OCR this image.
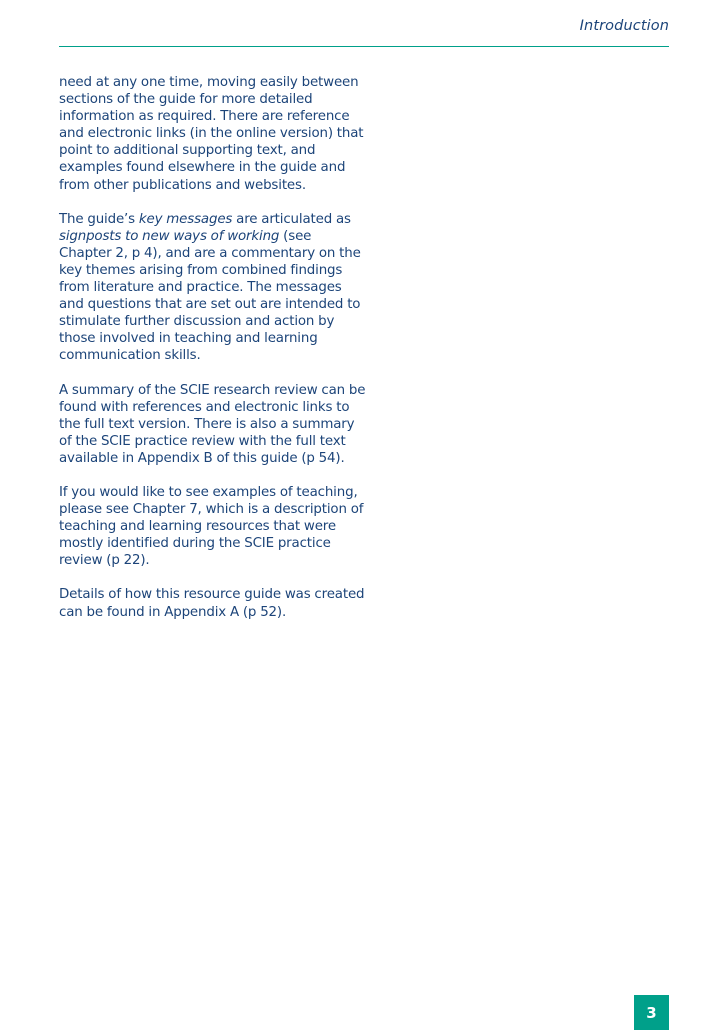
Introduction

need at any one time, moving easily between
sections of the guide for more detailed
information as required. There are reference
and electronic links (in the online version) that
point to additional supporting text, and
examples found elsewhere in the guide and
from other publications and websites.

The guide’s key messages are articulated as
signposts to new ways of working (see
Chapter 2, p 4), and are a commentary on the
key themes arising from combined findings
from literature and practice. The messages
and questions that are set out are intended to
stimulate further discussion and action by
those involved in teaching and learning
communication skills.

A summary of the SCIE research review can be
found with references and electronic links to
the full text version. There is also a summary
of the SCIE practice review with the full text
available in Appendix B of this guide (p 54).

If you would like to see examples of teaching,
please see Chapter 7, which is a description of
teaching and learning resources that were
mostly identified during the SCIE practice
review (p 22).

Details of how this resource guide was created
can be found in Appendix A (p 52).

3
